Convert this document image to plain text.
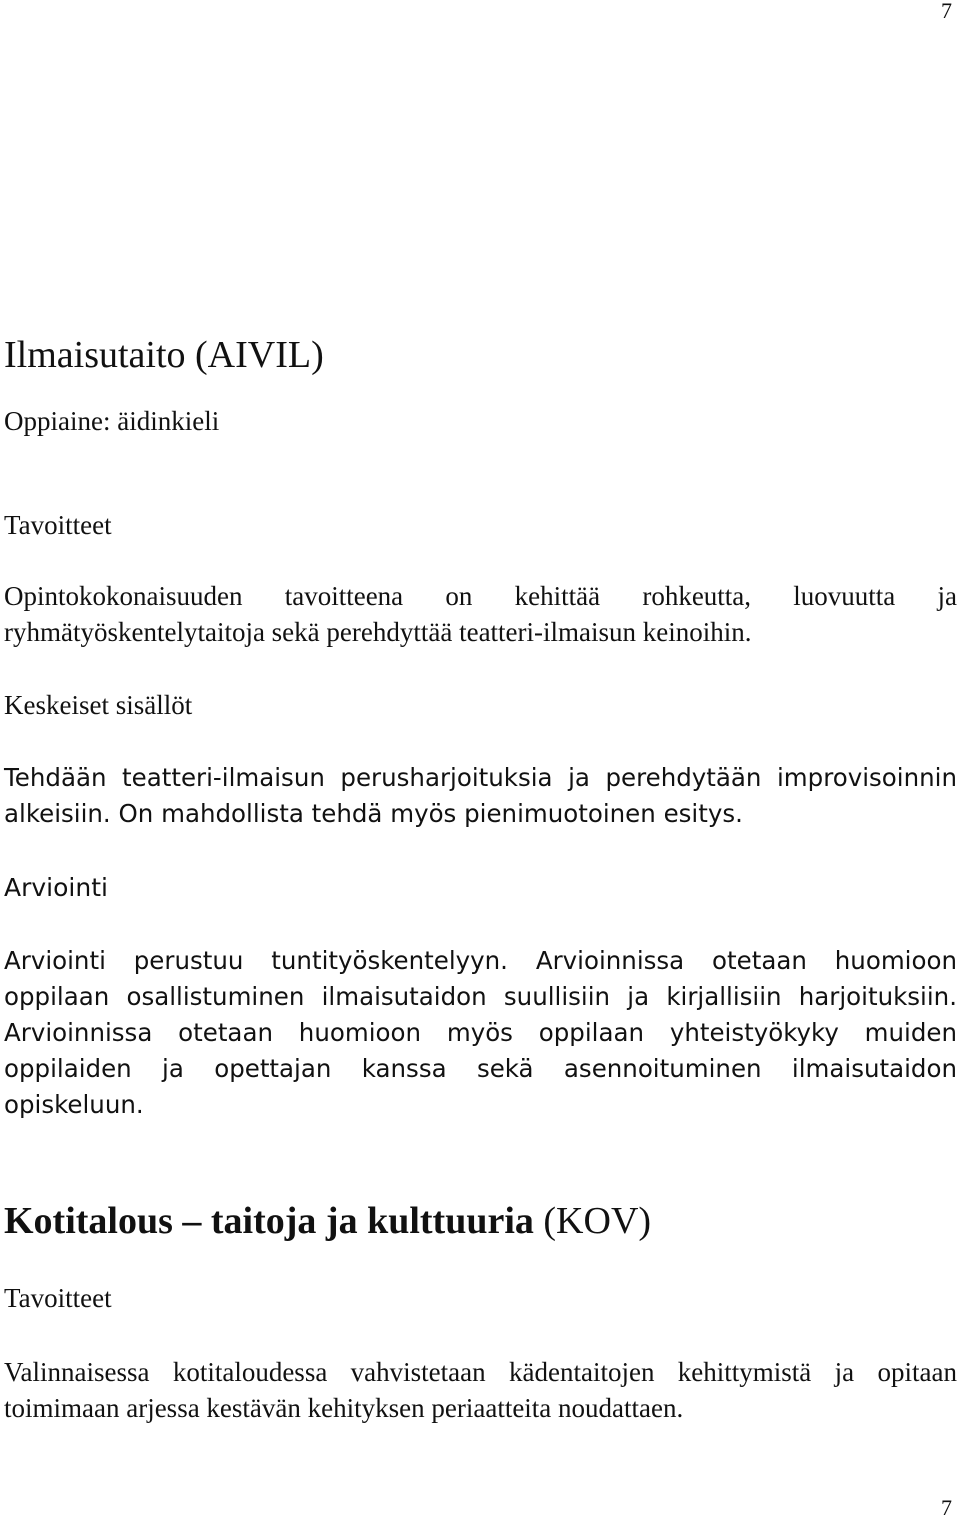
7
Ilmaisutaito (AIVIL)
Oppiaine: äidinkieli
Tavoitteet

Opintokokonaisuuden tavoitteena on kehittää rohkeutta, luovuutta ja ryhmätyöskentelytaitoja sekä perehdyttää teatteri-ilmaisun keinoihin.

Keskeiset sisällöt

Tehdään teatteri-ilmaisun perusharjoituksia ja perehdytään improvisoinnin alkeisiin. On mahdollista tehdä myös pienimuotoinen esitys.

Arviointi

Arviointi perustuu tuntityöskentelyyn. Arvioinnissa otetaan huomioon oppilaan osallistuminen ilmaisutaidon suullisiin ja kirjallisiin harjoituksiin. Arvioinnissa otetaan huomioon myös oppilaan yhteistyökyky muiden oppilaiden ja opettajan kanssa sekä asennoituminen ilmaisutaidon opiskeluun.

Kotitalous – taitoja ja kulttuuria (KOV)
Tavoitteet

Valinnaisessa kotitaloudessa vahvistetaan kädentaitojen kehittymistä ja opitaan toimimaan arjessa kestävän kehityksen periaatteita noudattaen.

7
